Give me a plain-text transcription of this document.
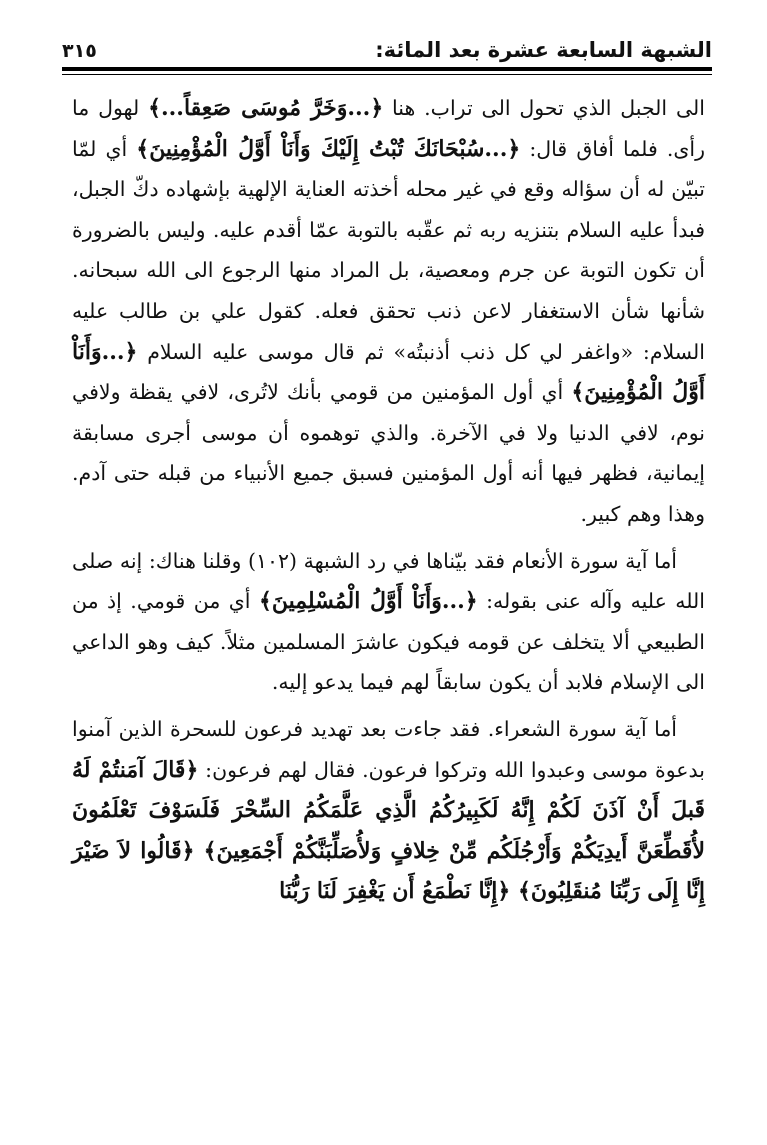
الشبهة السابعة عشرة بعد المائة:
٣١٥

الى الجبل الذي تحول الى تراب. هنا ﴿...وَخَرَّ مُوسَى صَعِقاً...﴾ لهول ما رأى. فلما أفاق قال: ﴿...سُبْحَانَكَ تُبْتُ إِلَيْكَ وَأَنَاْ أَوَّلُ الْمُؤْمِنِينَ﴾ أي لمّا تبيّن له أن سؤاله وقع في غير محله أخذته العناية الإلهية بإشهاده دكّ الجبل، فبدأ عليه السلام بتنزيه ربه ثم عقّبه بالتوبة عمّا أقدم عليه. وليس بالضرورة أن تكون التوبة عن جرم ومعصية، بل المراد منها الرجوع الى الله سبحانه. شأنها شأن الاستغفار لاعن ذنب تحقق فعله. كقول علي بن طالب عليه السلام: «واغفر لي كل ذنب أذنبتُه» ثم قال موسى عليه السلام ﴿...وَأَنَاْ أَوَّلُ الْمُؤْمِنِينَ﴾ أي أول المؤمنين من قومي بأنك لاتُرى، لافي يقظة ولافي نوم، لافي الدنيا ولا في الآخرة. والذي توهموه أن موسى أجرى مسابقة إيمانية، فظهر فيها أنه أول المؤمنين فسبق جميع الأنبياء من قبله حتى آدم. وهذا وهم كبير.

أما آية سورة الأنعام فقد بيّناها في رد الشبهة (١٠٢) وقلنا هناك: إنه صلى الله عليه وآله عنى بقوله: ﴿...وَأَنَاْ أَوَّلُ الْمُسْلِمِينَ﴾ أي من قومي. إذ من الطبيعي ألا يتخلف عن قومه فيكون عاشرَ المسلمين مثلاً. كيف وهو الداعي الى الإسلام فلابد أن يكون سابقاً لهم فيما يدعو إليه.

أما آية سورة الشعراء. فقد جاءت بعد تهديد فرعون للسحرة الذين آمنوا بدعوة موسى وعبدوا الله وتركوا فرعون. فقال لهم فرعون: ﴿قَالَ آمَنتُمْ لَهُ قَبلَ أَنْ آذَنَ لَكُمْ إِنَّهُ لَكَبِيرُكُمُ الَّذِي عَلَّمَكُمُ السِّحْرَ فَلَسَوْفَ تَعْلَمُونَ لأُقَطِّعَنَّ أَيدِيَكُمْ وَأَرْجُلَكُم مِّنْ خِلافٍ وَلأُصَلِّبَنَّكُمْ أَجْمَعِينَ﴾ ﴿قَالُوا لاَ ضَيْرَ إِنَّا إِلَى رَبِّنَا مُنقَلِبُونَ﴾ ﴿إِنَّا نَطْمَعُ أَن يَغْفِرَ لَنَا رَبُّنَا
